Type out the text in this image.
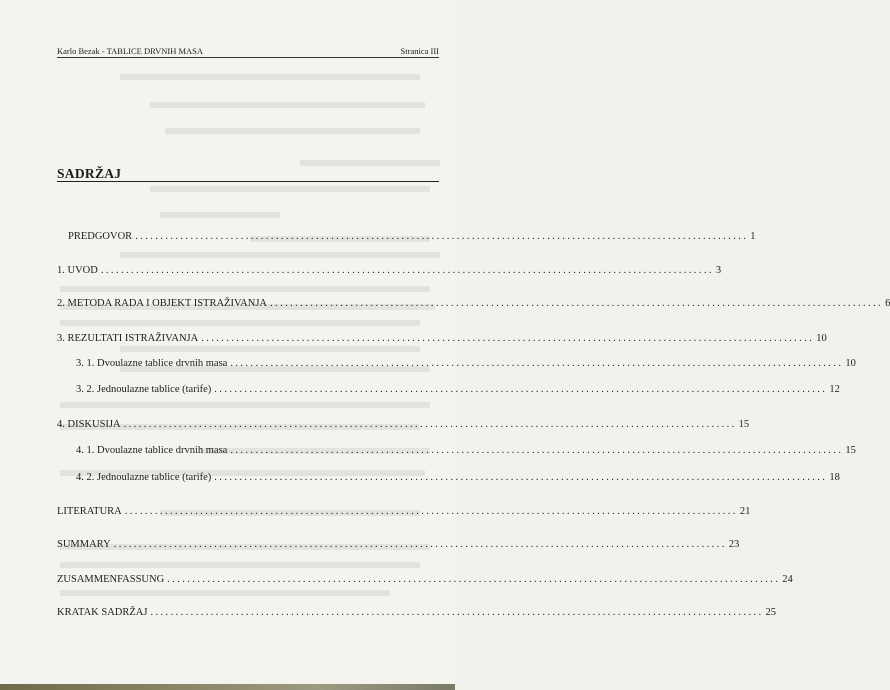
Karlo Bezak - TABLICE DRVNIH MASA	Stranica III
SADRŽAJ
PREDGOVOR .......................................................................................................................... 1
1. UVOD .......................................................................................................................... 3
2. METODA RADA I OBJEKT ISTRAŽIVANJA .......................................................................................................................... 6
3. REZULTATI ISTRAŽIVANJA .......................................................................................................................... 10
3. 1. Dvoulazne tablice drvnih masa .......................................................................................................................... 10
3. 2. Jednoulazne tablice (tarife) .......................................................................................................................... 12
4. DISKUSIJA .......................................................................................................................... 15
4. 1. Dvoulazne tablice drvnih masa .......................................................................................................................... 15
4. 2. Jednoulazne tablice (tarife) .......................................................................................................................... 18
LITERATURA .......................................................................................................................... 21
SUMMARY .......................................................................................................................... 23
ZUSAMMENFASSUNG .......................................................................................................................... 24
KRATAK SADRŽAJ .......................................................................................................................... 25
